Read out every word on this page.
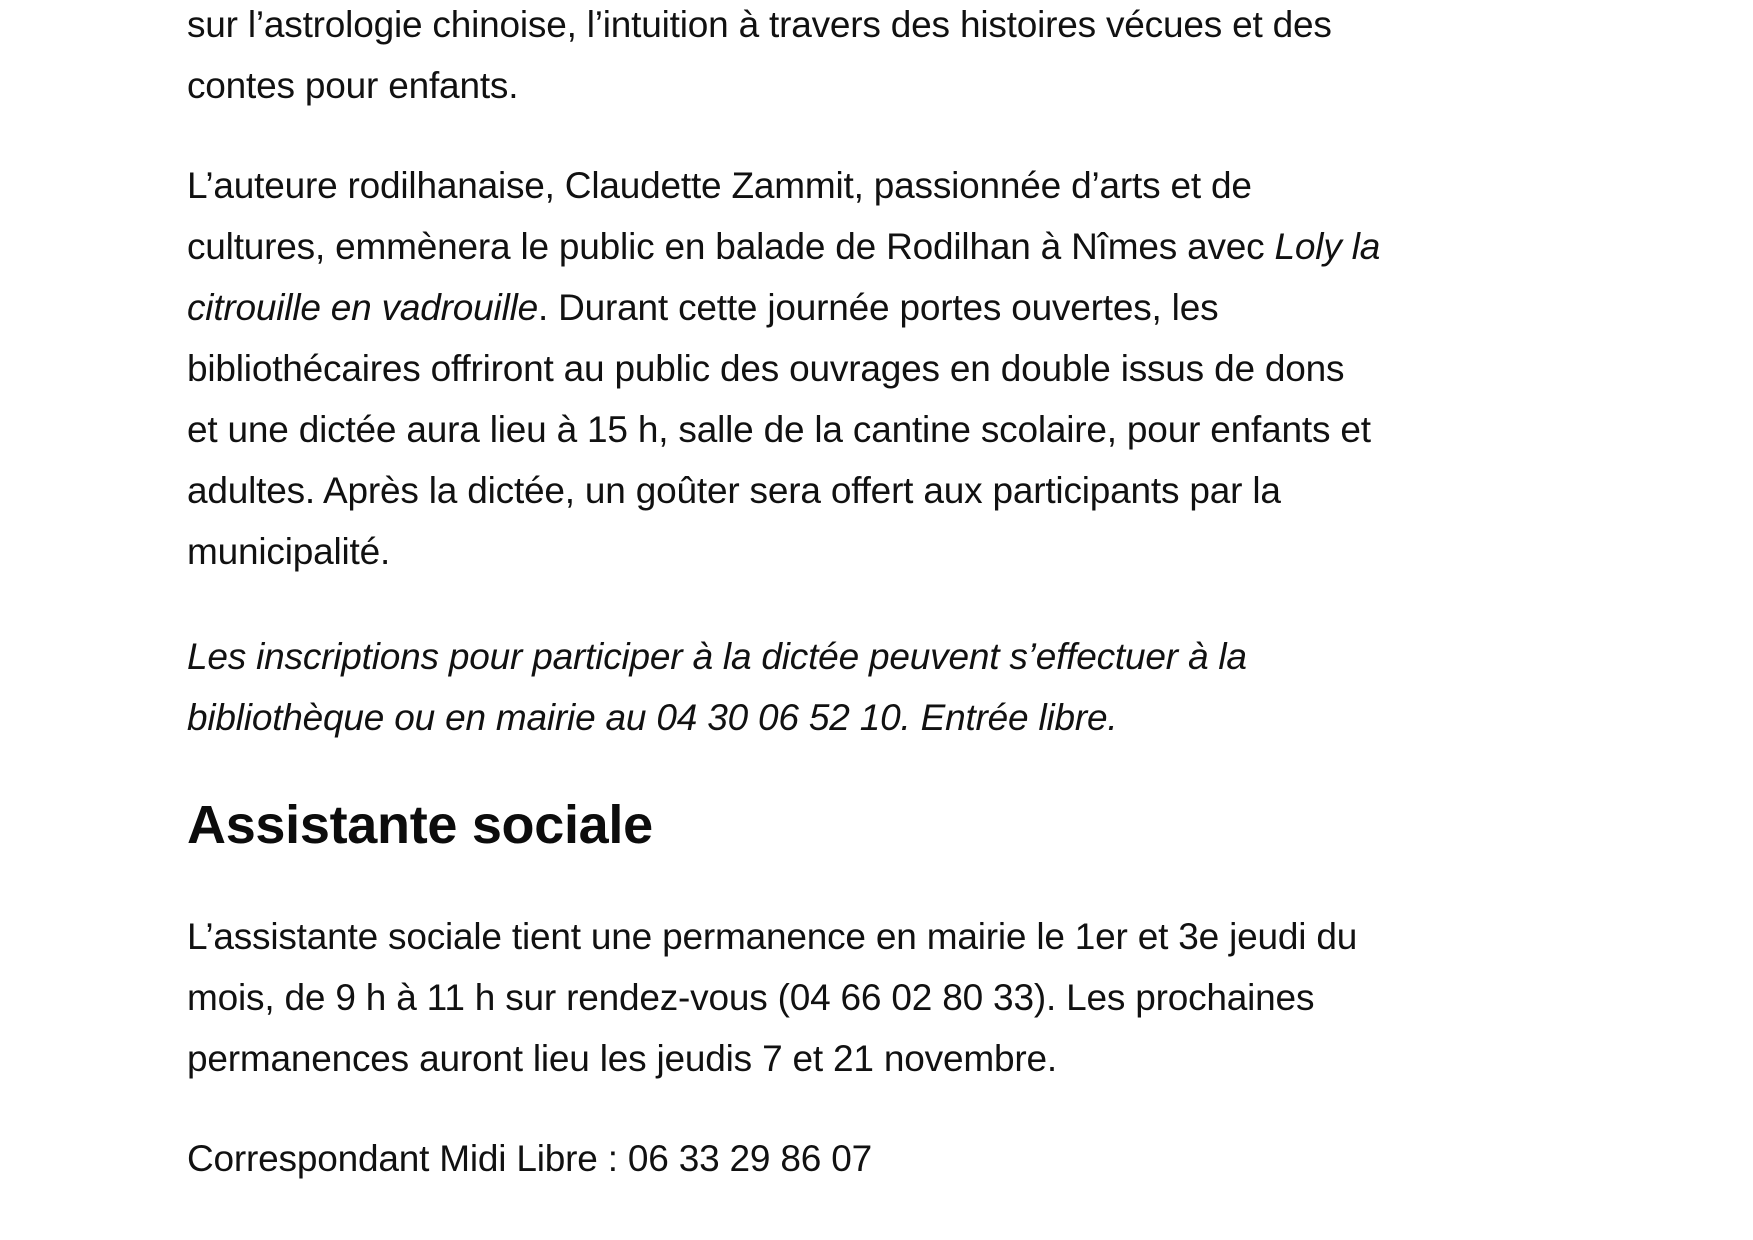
sur l’astrologie chinoise, l’intuition à travers des histoires vécues et des
contes pour enfants.

L’auteure rodilhanaise, Claudette Zammit, passionnée d’arts et de
cultures, emmènera le public en balade de Rodilhan à Nîmes avec Loly la
citrouille en vadrouille. Durant cette journée portes ouvertes, les
bibliothécaires offriront au public des ouvrages en double issus de dons
et une dictée aura lieu à 15 h, salle de la cantine scolaire, pour enfants et
adultes. Après la dictée, un goûter sera offert aux participants par la
municipalité.

Les inscriptions pour participer à la dictée peuvent s’effectuer à la
bibliothèque ou en mairie au 04 30 06 52 10. Entrée libre.

Assistante sociale

L’assistante sociale tient une permanence en mairie le 1er et 3e jeudi du
mois, de 9 h à 11 h sur rendez-vous (04 66 02 80 33). Les prochaines
permanences auront lieu les jeudis 7 et 21 novembre.

Correspondant Midi Libre : 06 33 29 86 07
